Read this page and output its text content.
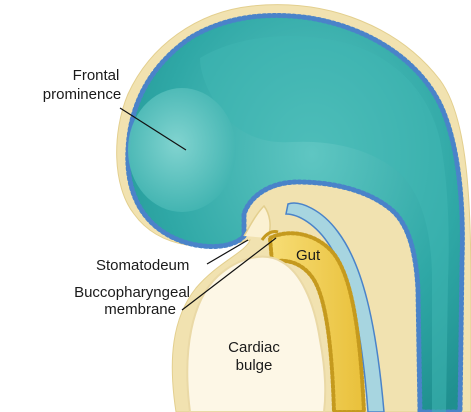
Frontal
prominence
Stomatodeum
Buccopharyngeal
membrane
Gut
Cardiac
bulge
